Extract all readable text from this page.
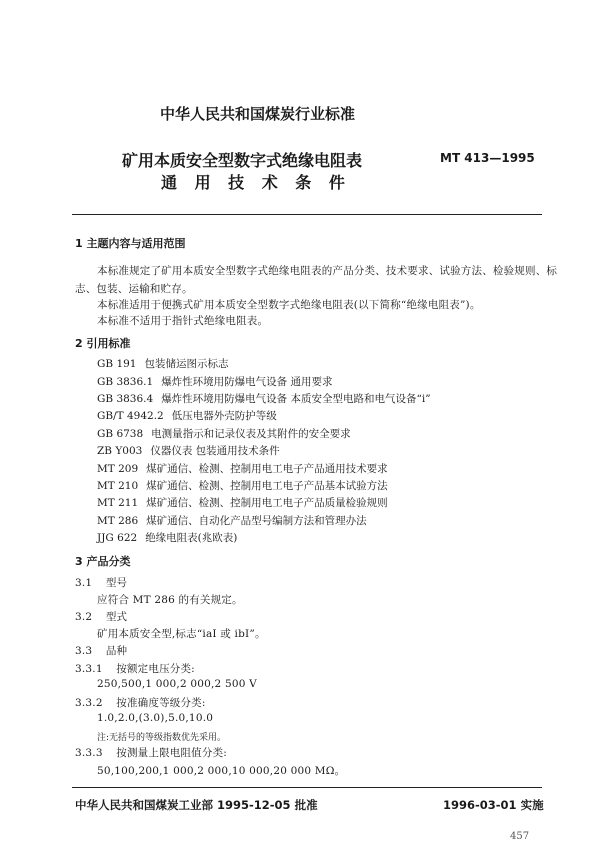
中华人民共和国煤炭行业标准
矿用本质安全型数字式绝缘电阻表
通 用 技 术 条 件
MT 413—1995
1 主题内容与适用范围
本标准规定了矿用本质安全型数字式绝缘电阻表的产品分类、技术要求、试验方法、检验规则、标
志、包装、运输和贮存。
本标准适用于便携式矿用本质安全型数字式绝缘电阻表(以下简称“绝缘电阻表”)。
本标准不适用于指针式绝缘电阻表。
2 引用标准
GB 191 包装储运图示标志
GB 3836.1 爆炸性环境用防爆电气设备 通用要求
GB 3836.4 爆炸性环境用防爆电气设备 本质安全型电路和电气设备“i”
GB/T 4942.2 低压电器外壳防护等级
GB 6738 电测量指示和记录仪表及其附件的安全要求
ZB Y003 仪器仪表 包装通用技术条件
MT 209 煤矿通信、检测、控制用电工电子产品通用技术要求
MT 210 煤矿通信、检测、控制用电工电子产品基本试验方法
MT 211 煤矿通信、检测、控制用电工电子产品质量检验规则
MT 286 煤矿通信、自动化产品型号编制方法和管理办法
JJG 622 绝缘电阻表(兆欧表)
3 产品分类
3.1 型号
应符合 MT 286 的有关规定。
3.2 型式
矿用本质安全型,标志“iaI 或 ibI”。
3.3 品种
3.3.1 按额定电压分类:
250,500,1 000,2 000,2 500 V
3.3.2 按准确度等级分类:
1.0,2.0,(3.0),5.0,10.0
注:无括号的等级指数优先采用。
3.3.3 按测量上限电阻值分类:
50,100,200,1 000,2 000,10 000,20 000 MΩ。
中华人民共和国煤炭工业部 1995-12-05 批准	1996-03-01 实施
457
